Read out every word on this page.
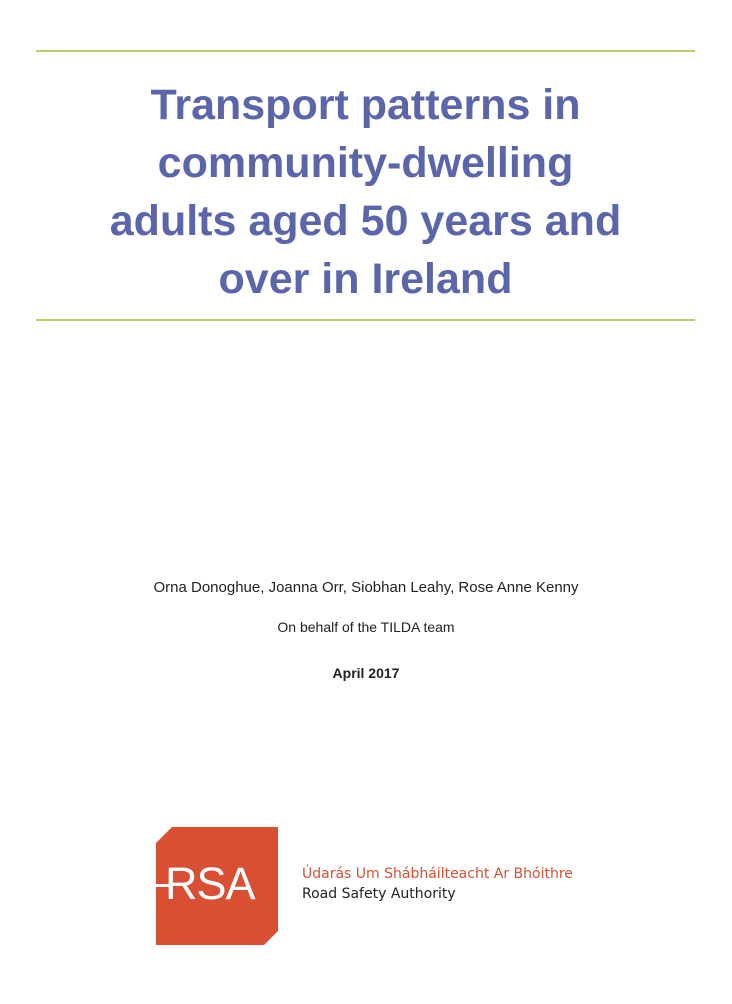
Transport patterns in
community-dwelling
adults aged 50 years and
over in Ireland
Orna Donoghue, Joanna Orr, Siobhan Leahy, Rose Anne Kenny
On behalf of the TILDA team
April 2017
RSA	Údarás Um Shábháilteacht Ar Bhóithre
Road Safety Authority
